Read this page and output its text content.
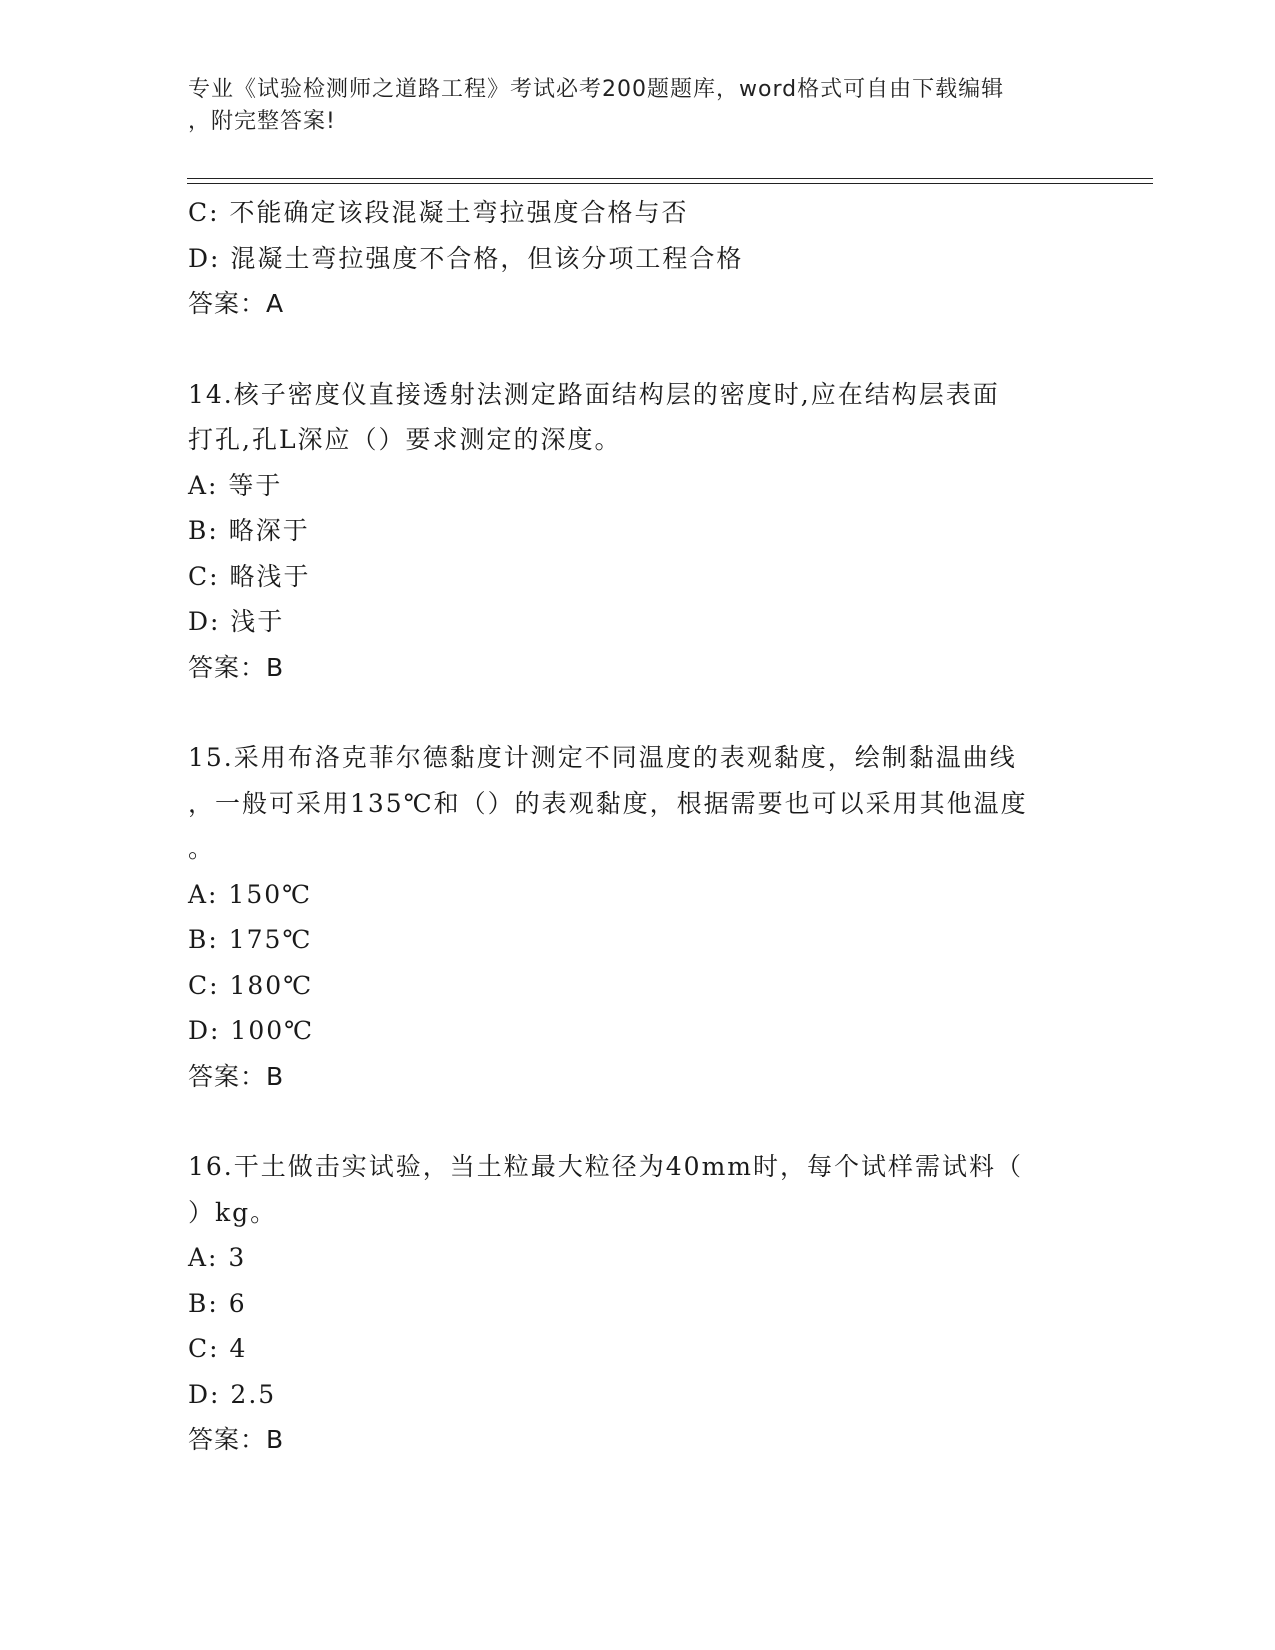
专业《试验检测师之道路工程》考试必考200题题库，word格式可自由下载编辑
，附完整答案!
C: 不能确定该段混凝土弯拉强度合格与否
D: 混凝土弯拉强度不合格，但该分项工程合格
答案：A
14.核子密度仪直接透射法测定路面结构层的密度时,应在结构层表面
打孔,孔L深应（）要求测定的深度。
A: 等于
B: 略深于
C: 略浅于
D: 浅于
答案：B
15.采用布洛克菲尔德黏度计测定不同温度的表观黏度，绘制黏温曲线
，一般可采用135℃和（）的表观黏度，根据需要也可以采用其他温度
。
A: 150℃
B: 175℃
C: 180℃
D: 100℃
答案：B
16.干土做击实试验，当土粒最大粒径为40mm时，每个试样需试料（
）kg。
A: 3
B: 6
C: 4
D: 2.5
答案：B
